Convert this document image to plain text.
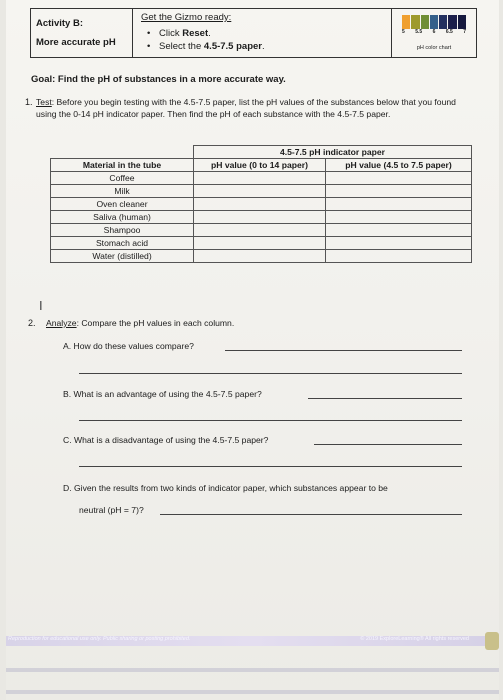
Activity B:
More accurate pH
Get the Gizmo ready:
• Click Reset.
• Select the 4.5-7.5 paper.
5 5.5 6 6.5 7
pH color chart
Goal: Find the pH of substances in a more accurate way.
1. Test: Before you begin testing with the 4.5-7.5 paper, list the pH values of the substances below that you found using the 0-14 pH indicator paper. Then find the pH of each substance with the 4.5-7.5 paper.
	4.5-7.5 pH indicator paper	
Material in the tube	pH value (0 to 14 paper)	pH value (4.5 to 7.5 paper)
Coffee		
Milk		
Oven cleaner		
Saliva (human)		
Shampoo		
Stomach acid		
Water (distilled)		
I
2. Analyze: Compare the pH values in each column.
A. How do these values compare?
B. What is an advantage of using the 4.5-7.5 paper?
C. What is a disadvantage of using the 4.5-7.5 paper?
D. Given the results from two kinds of indicator paper, which substances appear to be
neutral (pH = 7)?
Reproduction for educational use only. Public sharing or posting prohibited.	© 2019 ExploreLearning® All rights reserved
